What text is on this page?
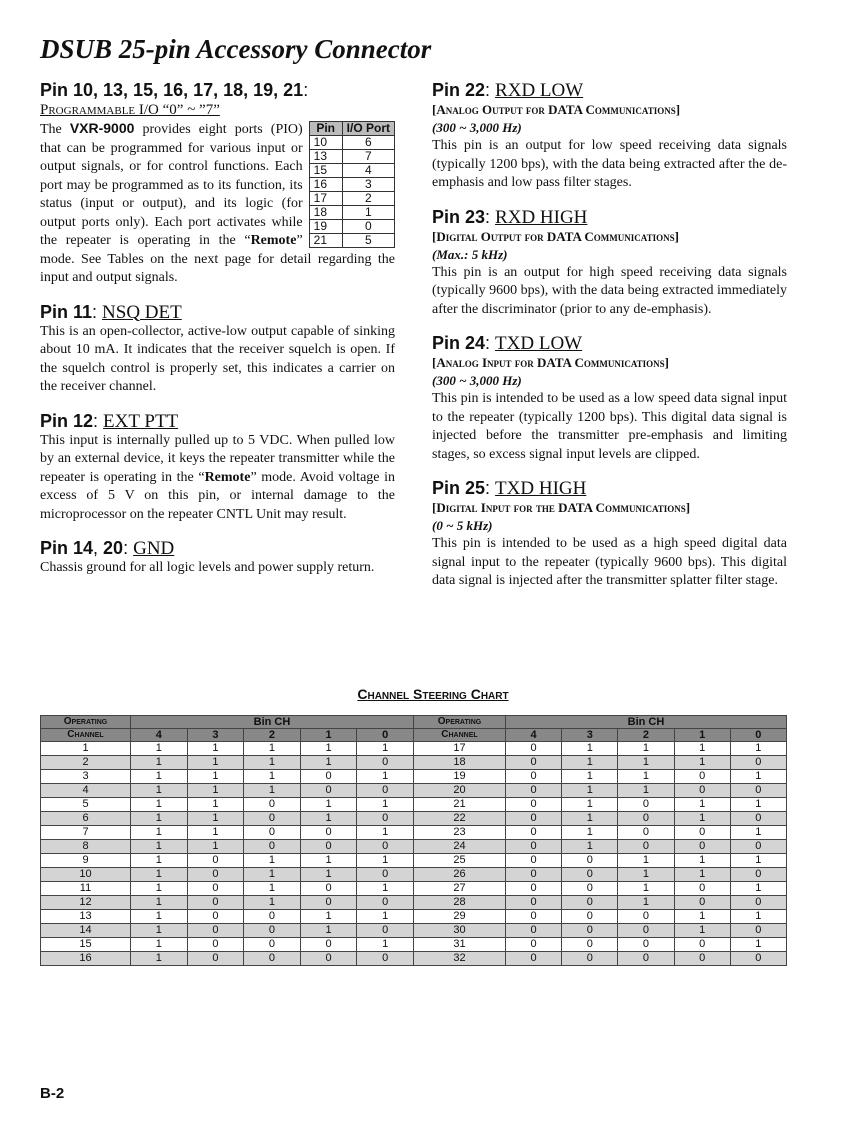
DSUB 25-pin Accessory Connector
Pin 10, 13, 15, 16, 17, 18, 19, 21:
Programmable I/O “0” ~ ”7”
Pin	I/O Port
10	6
13	7
15	4
16	3
17	2
18	1
19	0
21	5

The VXR-9000 provides eight ports (PIO) that can be programmed for various input or output signals, or for control functions. Each port may be programmed as to its function, its status (input or output), and its logic (for output ports only). Each port activates while the repeater is operating in the “Remote” mode. See Tables on the next page for detail regarding the input and output signals.

Pin 11: NSQ DET

This is an open-collector, active-low output capable of sinking about 10 mA. It indicates that the receiver squelch is open. If the squelch control is properly set, this indicates a carrier on the receiver channel.

Pin 12: EXT PTT

This input is internally pulled up to 5 VDC. When pulled low by an external device, it keys the repeater transmitter while the repeater is operating in the “Remote” mode. Avoid voltage in excess of 5 V on this pin, or internal damage to the microprocessor on the repeater CNTL Unit may result.

Pin 14, 20: GND

Chassis ground for all logic levels and power supply return.

Pin 22: RXD LOW
[Analog Output for DATA Communications]
(300 ~ 3,000 Hz)

This pin is an output for low speed receiving data signals (typically 1200 bps), with the data being extracted after the de-emphasis and low pass filter stages.

Pin 23: RXD HIGH
[Digital Output for DATA Communications]
(Max.: 5 kHz)

This pin is an output for high speed receiving data signals (typically 9600 bps), with the data being extracted immediately after the discriminator (prior to any de-emphasis).

Pin 24: TXD LOW
[Analog Input for DATA Communications]
(300 ~ 3,000 Hz)

This pin is intended to be used as a low speed data signal input to the repeater (typically 1200 bps). This digital data signal is injected before the transmitter pre-emphasis and limiting stages, so excess signal input levels are clipped.

Pin 25: TXD HIGH
[Digital Input for the DATA Communications]
(0 ~ 5 kHz)

This pin is intended to be used as a high speed digital data signal input to the repeater (typically 9600 bps). This digital data signal is injected after the transmitter splatter filter stage.

Channel Steering Chart
Operating	Bin CH					Operating	Bin CH				
Channel	4	3	2	1	0	Channel	4	3	2	1	0
1	1	1	1	1	1	17	0	1	1	1	1
2	1	1	1	1	0	18	0	1	1	1	0
3	1	1	1	0	1	19	0	1	1	0	1
4	1	1	1	0	0	20	0	1	1	0	0
5	1	1	0	1	1	21	0	1	0	1	1
6	1	1	0	1	0	22	0	1	0	1	0
7	1	1	0	0	1	23	0	1	0	0	1
8	1	1	0	0	0	24	0	1	0	0	0
9	1	0	1	1	1	25	0	0	1	1	1
10	1	0	1	1	0	26	0	0	1	1	0
11	1	0	1	0	1	27	0	0	1	0	1
12	1	0	1	0	0	28	0	0	1	0	0
13	1	0	0	1	1	29	0	0	0	1	1
14	1	0	0	1	0	30	0	0	0	1	0
15	1	0	0	0	1	31	0	0	0	0	1
16	1	0	0	0	0	32	0	0	0	0	0
B-2
